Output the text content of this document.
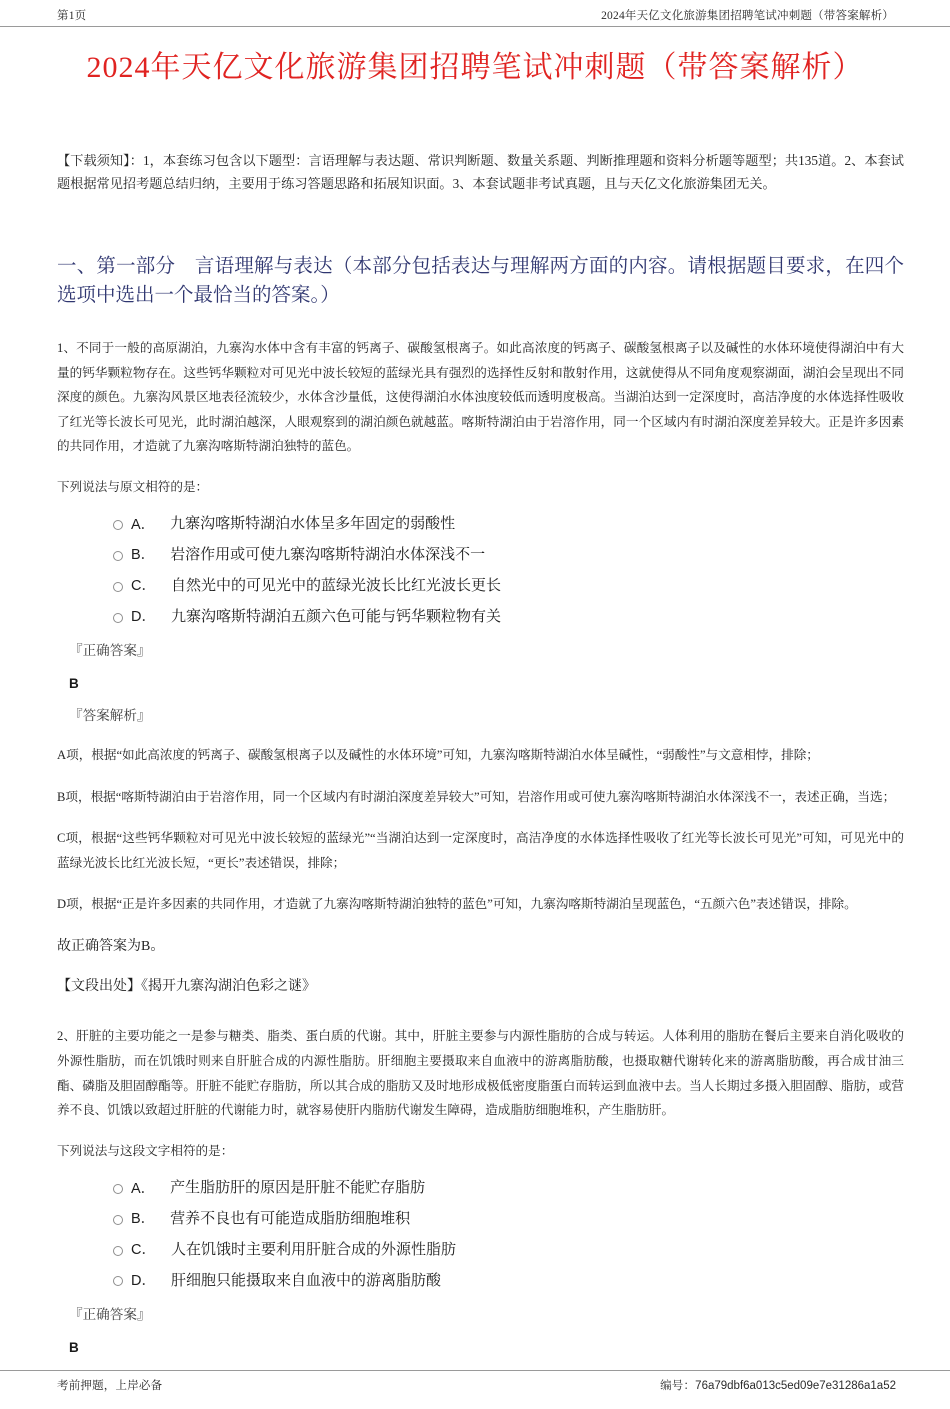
第1页	2024年天亿文化旅游集团招聘笔试冲刺题（带答案解析）
2024年天亿文化旅游集团招聘笔试冲刺题（带答案解析）

【下载须知】：1，本套练习包含以下题型：言语理解与表达题、常识判断题、数量关系题、判断推理题和资料分析题等题型；共135道。2、本套试题根据常见招考题总结归纳，主要用于练习答题思路和拓展知识面。3、本套试题非考试真题，且与天亿文化旅游集团无关。

一、第一部分　言语理解与表达（本部分包括表达与理解两方面的内容。请根据题目要求，在四个选项中选出一个最恰当的答案。）

1、不同于一般的高原湖泊，九寨沟水体中含有丰富的钙离子、碳酸氢根离子。如此高浓度的钙离子、碳酸氢根离子以及碱性的水体环境使得湖泊中有大量的钙华颗粒物存在。这些钙华颗粒对可见光中波长较短的蓝绿光具有强烈的选择性反射和散射作用，这就使得从不同角度观察湖面，湖泊会呈现出不同深度的颜色。九寨沟风景区地表径流较少，水体含沙量低，这使得湖泊水体浊度较低而透明度极高。当湖泊达到一定深度时，高洁净度的水体选择性吸收了红光等长波长可见光，此时湖泊越深，人眼观察到的湖泊颜色就越蓝。喀斯特湖泊由于岩溶作用，同一个区域内有时湖泊深度差异较大。正是许多因素的共同作用，才造就了九寨沟喀斯特湖泊独特的蓝色。

下列说法与原文相符的是：

A． 九寨沟喀斯特湖泊水体呈多年固定的弱酸性
B． 岩溶作用或可使九寨沟喀斯特湖泊水体深浅不一
C． 自然光中的可见光中的蓝绿光波长比红光波长更长
D． 九寨沟喀斯特湖泊五颜六色可能与钙华颗粒物有关

『正确答案』

B

『答案解析』

A项，根据“如此高浓度的钙离子、碳酸氢根离子以及碱性的水体环境”可知，九寨沟喀斯特湖泊水体呈碱性，“弱酸性”与文意相悖，排除；

B项，根据“喀斯特湖泊由于岩溶作用，同一个区域内有时湖泊深度差异较大”可知，岩溶作用或可使九寨沟喀斯特湖泊水体深浅不一，表述正确，当选；

C项，根据“这些钙华颗粒对可见光中波长较短的蓝绿光”“当湖泊达到一定深度时，高洁净度的水体选择性吸收了红光等长波长可见光”可知，可见光中的蓝绿光波长比红光波长短，“更长”表述错误，排除；

D项，根据“正是许多因素的共同作用，才造就了九寨沟喀斯特湖泊独特的蓝色”可知，九寨沟喀斯特湖泊呈现蓝色，“五颜六色”表述错误，排除。

故正确答案为B。

【文段出处】《揭开九寨沟湖泊色彩之谜》

2、肝脏的主要功能之一是参与糖类、脂类、蛋白质的代谢。其中，肝脏主要参与内源性脂肪的合成与转运。人体利用的脂肪在餐后主要来自消化吸收的外源性脂肪，而在饥饿时则来自肝脏合成的内源性脂肪。肝细胞主要摄取来自血液中的游离脂肪酸，也摄取糖代谢转化来的游离脂肪酸，再合成甘油三酯、磷脂及胆固醇酯等。肝脏不能贮存脂肪，所以其合成的脂肪又及时地形成极低密度脂蛋白而转运到血液中去。当人长期过多摄入胆固醇、脂肪，或营养不良、饥饿以致超过肝脏的代谢能力时，就容易使肝内脂肪代谢发生障碍，造成脂肪细胞堆积，产生脂肪肝。

下列说法与这段文字相符的是：

A． 产生脂肪肝的原因是肝脏不能贮存脂肪
B． 营养不良也有可能造成脂肪细胞堆积
C． 人在饥饿时主要利用肝脏合成的外源性脂肪
D． 肝细胞只能摄取来自血液中的游离脂肪酸

『正确答案』

B

考前押题，上岸必备	编号：76a79dbf6a013c5ed09e7e31286a1a52
